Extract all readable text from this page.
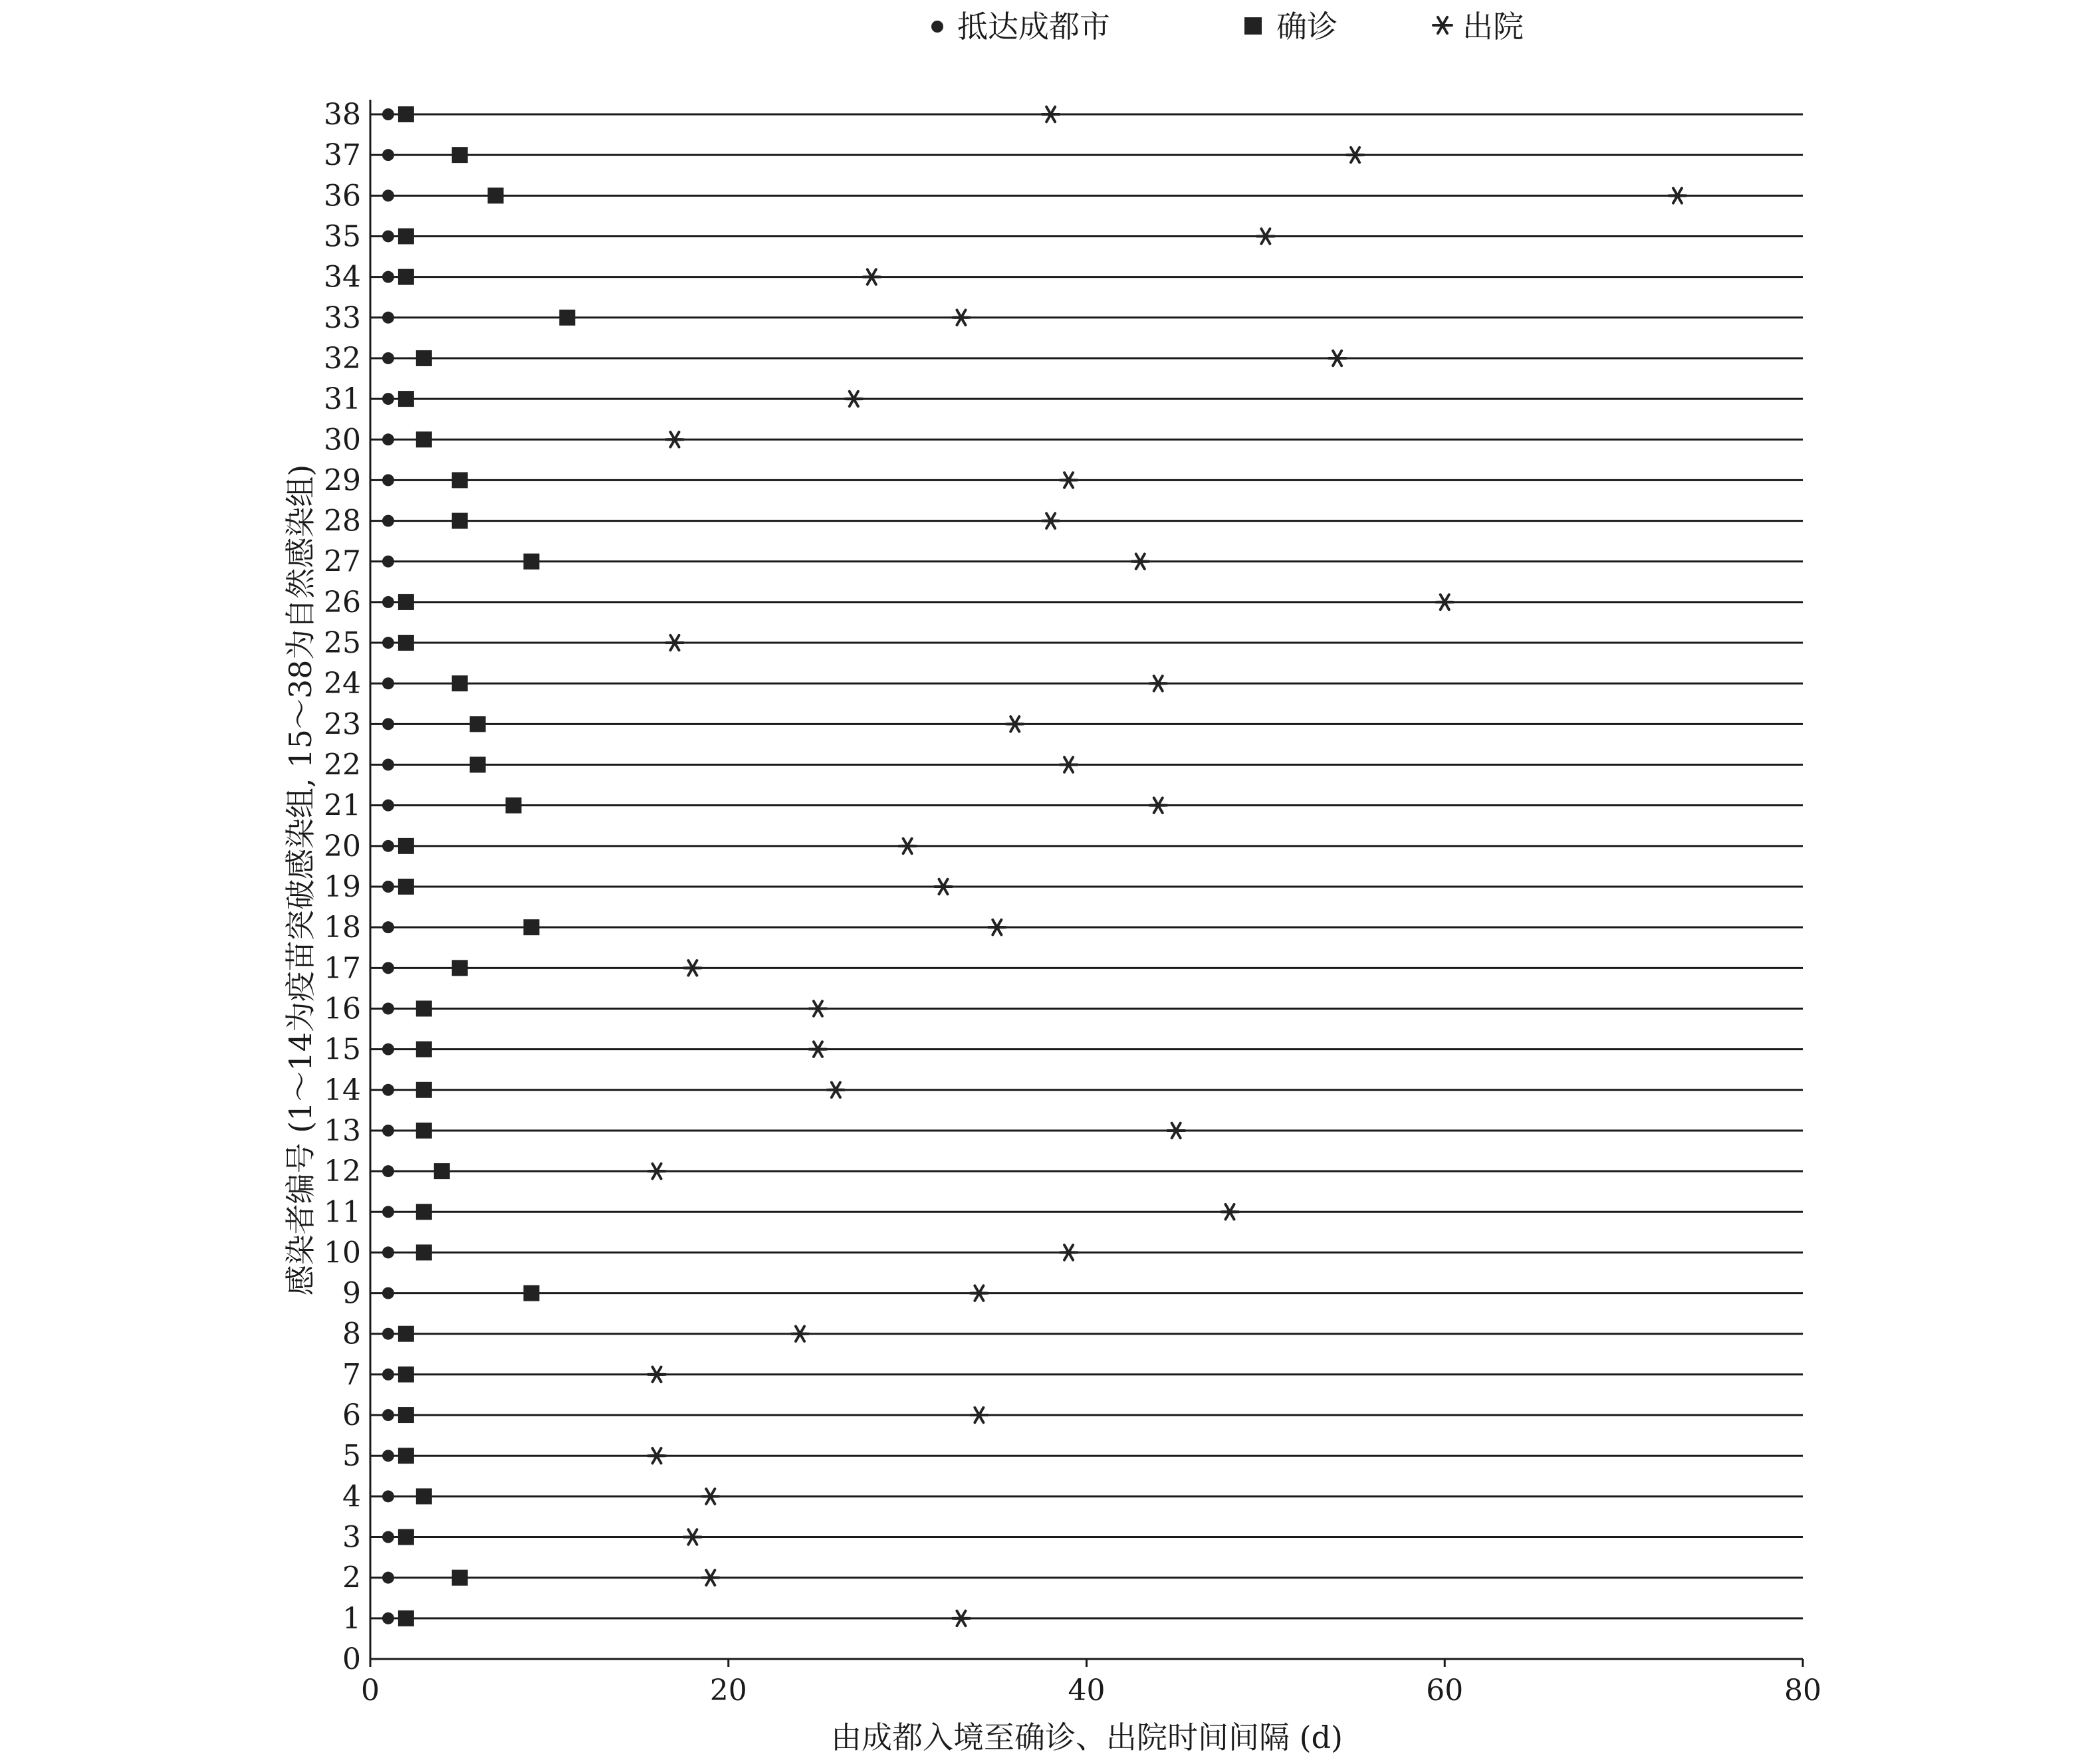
抵达成都市	确诊	出院
0
1
2
3
4
5
6
7
8
9
10
11
12
13
14
15
16
17
18
19
20
21
22
23
24
25
26
27
28
29
30
31
32
33
34
35
36
37
38
0	20	40	60	80
由成都入境至确诊、出院时间间隔 (d)
感染者编号 (1～14为疫苗突破感染组, 15～38为自然感染组)
